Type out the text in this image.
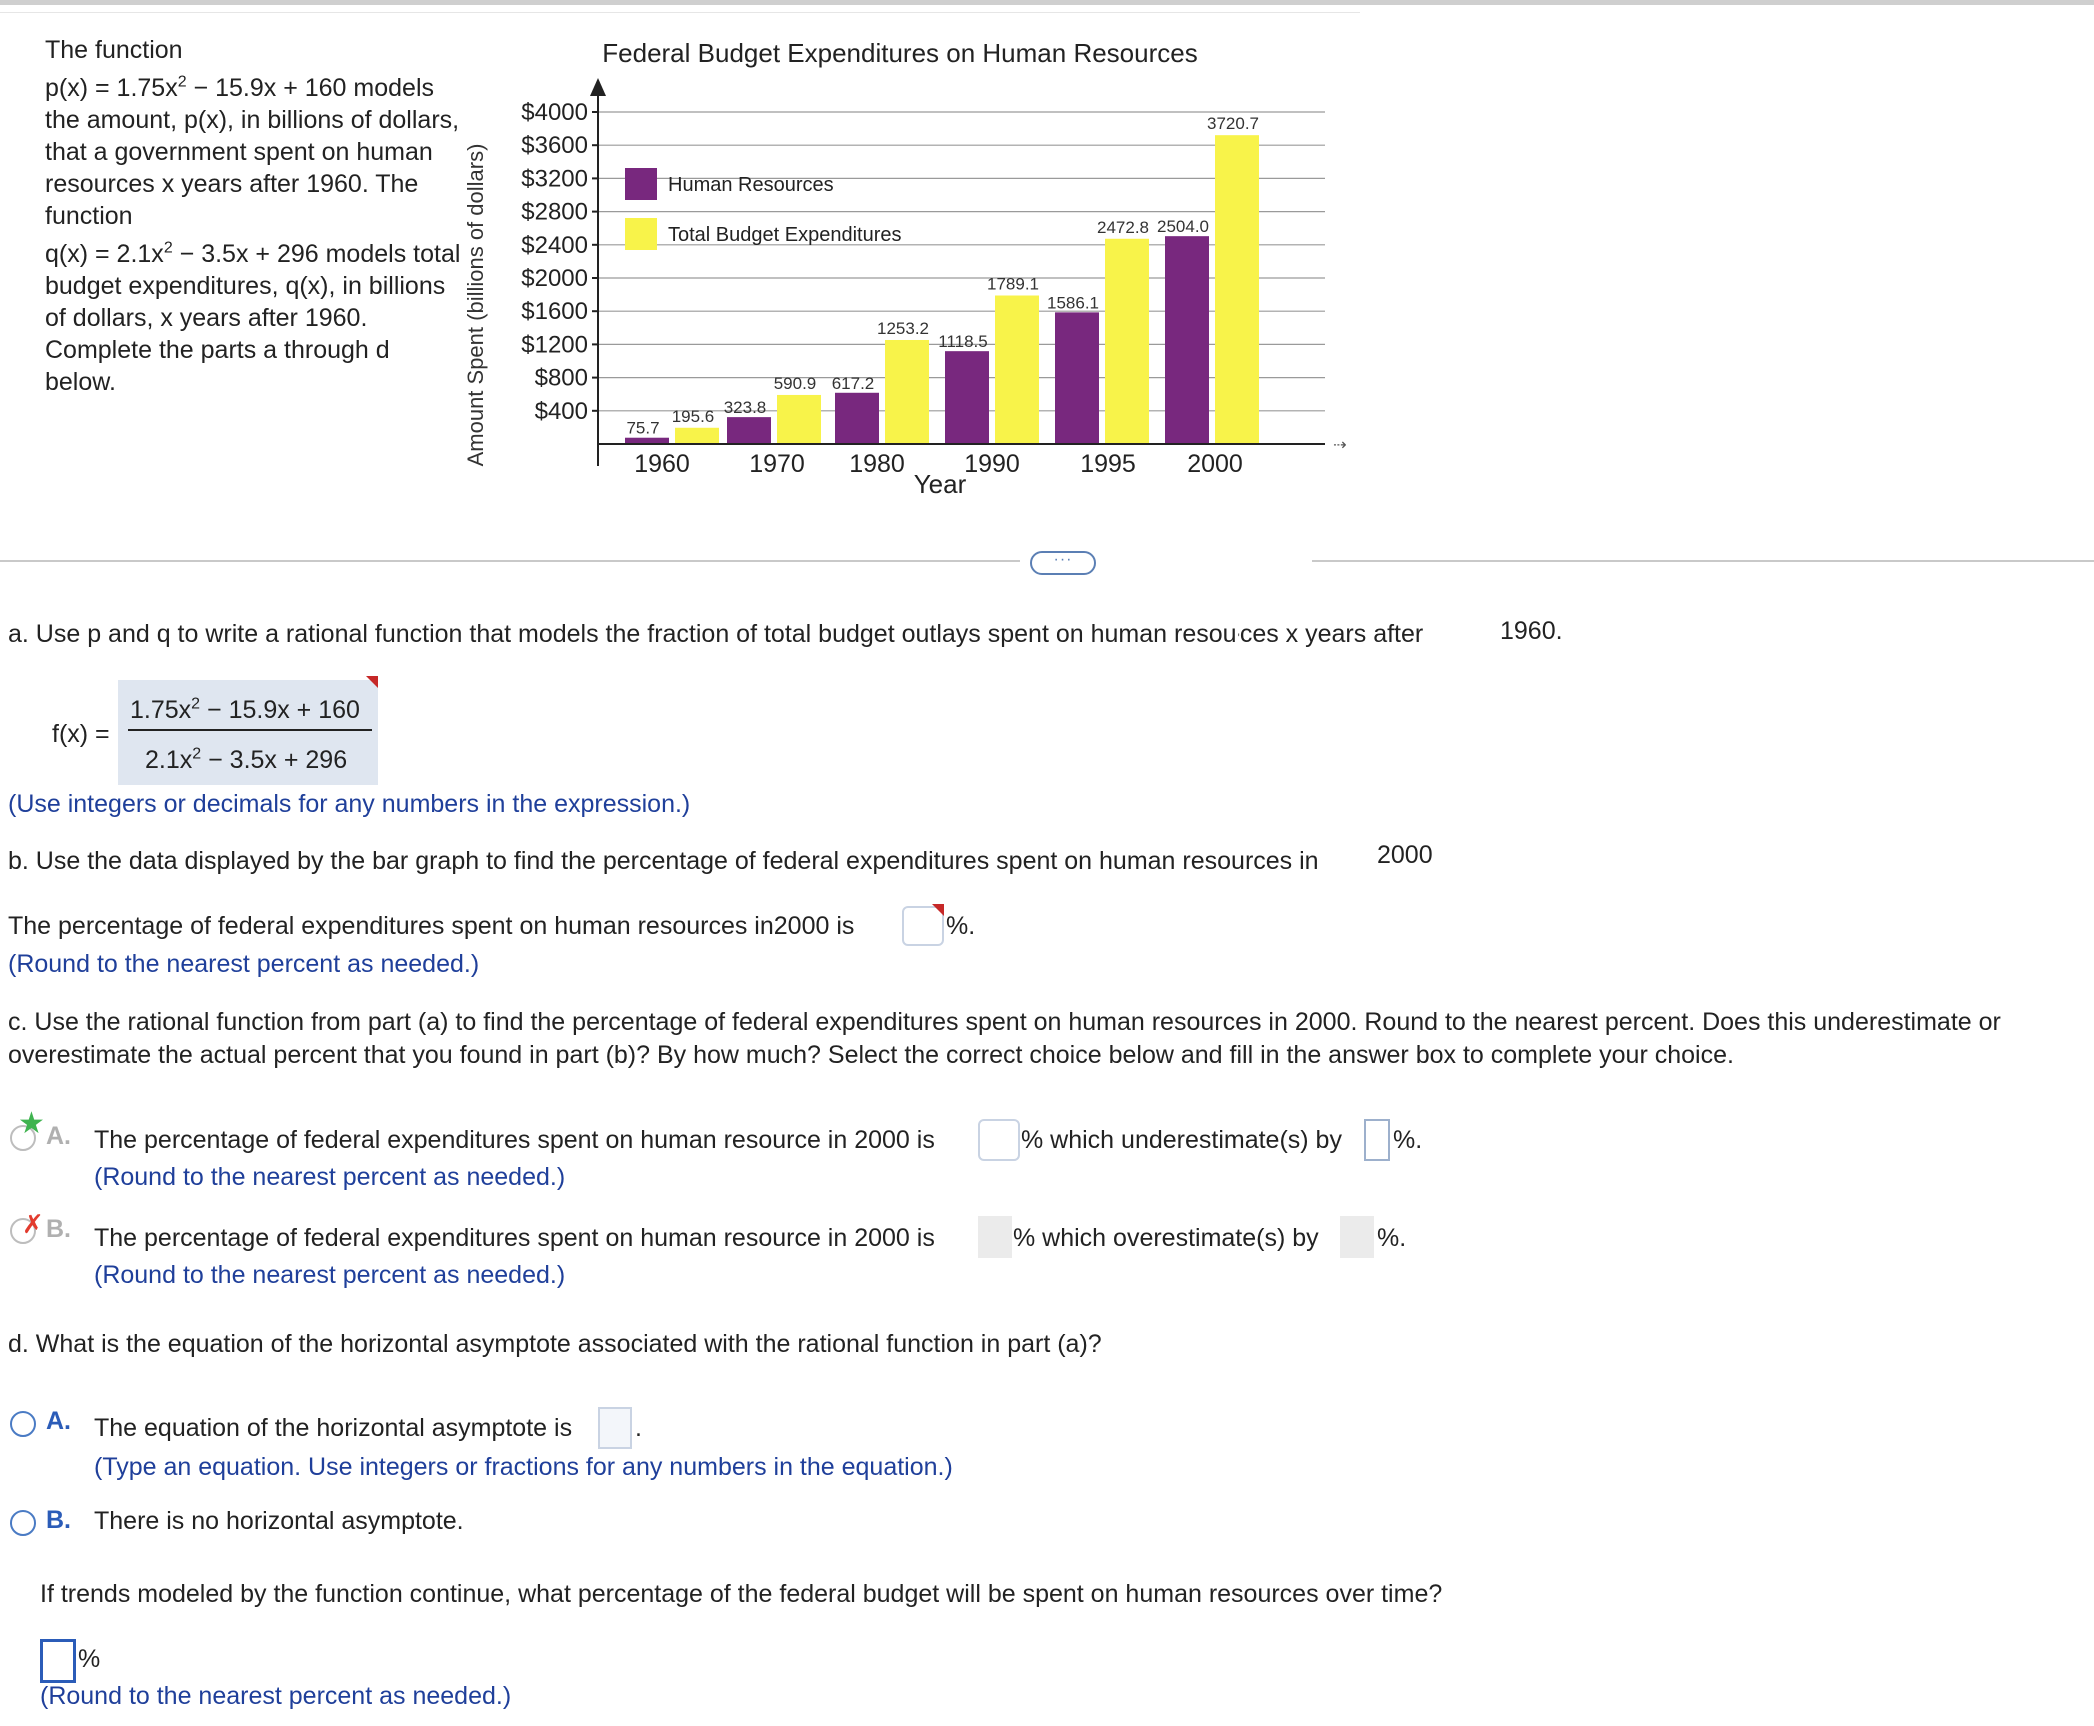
The function

$p(x) = 1.75x^2 - 15.9x + 160$ models the amount, p(x), in billions of dollars, that a government spent on human resources x years after 1960. The function

$q(x) = 2.1x^2 - 3.5x + 296$ models total budget expenditures, q(x), in billions of dollars, x years after 1960. Complete the parts a through d below.

Federal Budget Expenditures on Human Resources
Amount Spent (billions of dollars) $400
$800
$1200
$1600
$2000
$2400
$2800
$3200
$3600
$4000
75.7
195.6 323.8
590.9 617.2
1253.2
1118.5
1789.1
1586.1
2472.8 2504.0
3720.7
1960 1970 1980 1990 1995 2000
⇢
Year
Human Resources
Total Budget Expenditures
···
a. Use p and q to write a rational function that models the fraction of total budget outlays spent on human resou'ces x years after	1960.
f(x) =
$1.75x^2 - 15.9x + 160$
$2.1x^2 - 3.5x + 296$
(Use integers or decimals for any numbers in the expression.)
b. Use the data displayed by the bar graph to find the percentage of federal expenditures spent on human resources in 2000
The percentage of federal expenditures spent on human resources in2000 is	%.
(Round to the nearest percent as needed.)
c. Use the rational function from part (a) to find the percentage of federal expenditures spent on human resources in 2000. Round to the nearest percent. Does this underestimate or
overestimate the actual percent that you found in part (b)? By how much? Select the correct choice below and fill in the answer box to complete your choice.
★ A. The percentage of federal expenditures spent on human resource in 2000 is	% which underestimate(s) by %.
(Round to the nearest percent as needed.)
✗ B. The percentage of federal expenditures spent on human resource in 2000 is	% which overestimate(s) by %.
(Round to the nearest percent as needed.)
d. What is the equation of the horizontal asymptote associated with the rational function in part (a)?
A. The equation of the horizontal asymptote is	.
(Type an equation. Use integers or fractions for any numbers in the equation.)
B. There is no horizontal asymptote.
If trends modeled by the function continue, what percentage of the federal budget will be spent on human resources over time?
%
(Round to the nearest percent as needed.)
